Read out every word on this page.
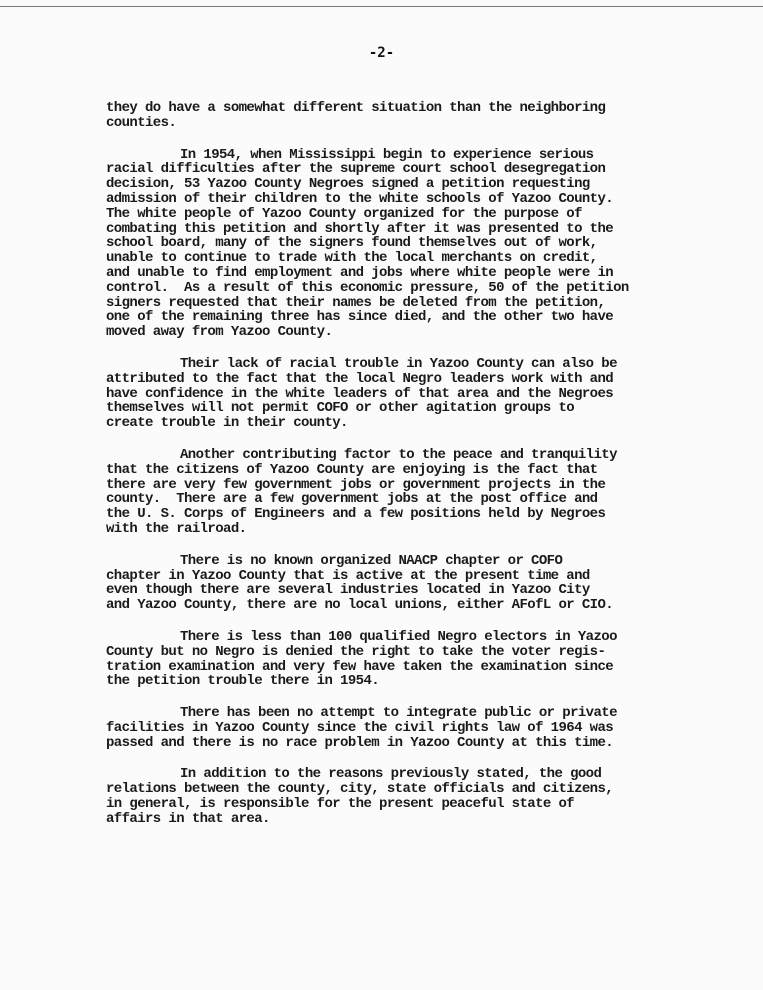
-2-
they do have a somewhat different situation than the neighboring
counties.
In 1954, when Mississippi begin to experience serious
racial difficulties after the supreme court school desegregation
decision, 53 Yazoo County Negroes signed a petition requesting
admission of their children to the white schools of Yazoo County.
The white people of Yazoo County organized for the purpose of
combating this petition and shortly after it was presented to the
school board, many of the signers found themselves out of work,
unable to continue to trade with the local merchants on credit,
and unable to find employment and jobs where white people were in
control.  As a result of this economic pressure, 50 of the petition
signers requested that their names be deleted from the petition,
one of the remaining three has since died, and the other two have
moved away from Yazoo County.
Their lack of racial trouble in Yazoo County can also be
attributed to the fact that the local Negro leaders work with and
have confidence in the white leaders of that area and the Negroes
themselves will not permit COFO or other agitation groups to
create trouble in their county.
Another contributing factor to the peace and tranquility
that the citizens of Yazoo County are enjoying is the fact that
there are very few government jobs or government projects in the
county.  There are a few government jobs at the post office and
the U. S. Corps of Engineers and a few positions held by Negroes
with the railroad.
There is no known organized NAACP chapter or COFO
chapter in Yazoo County that is active at the present time and
even though there are several industries located in Yazoo City
and Yazoo County, there are no local unions, either AFofL or CIO.
There is less than 100 qualified Negro electors in Yazoo
County but no Negro is denied the right to take the voter regis-
tration examination and very few have taken the examination since
the petition trouble there in 1954.
There has been no attempt to integrate public or private
facilities in Yazoo County since the civil rights law of 1964 was
passed and there is no race problem in Yazoo County at this time.
In addition to the reasons previously stated, the good
relations between the county, city, state officials and citizens,
in general, is responsible for the present peaceful state of
affairs in that area.
